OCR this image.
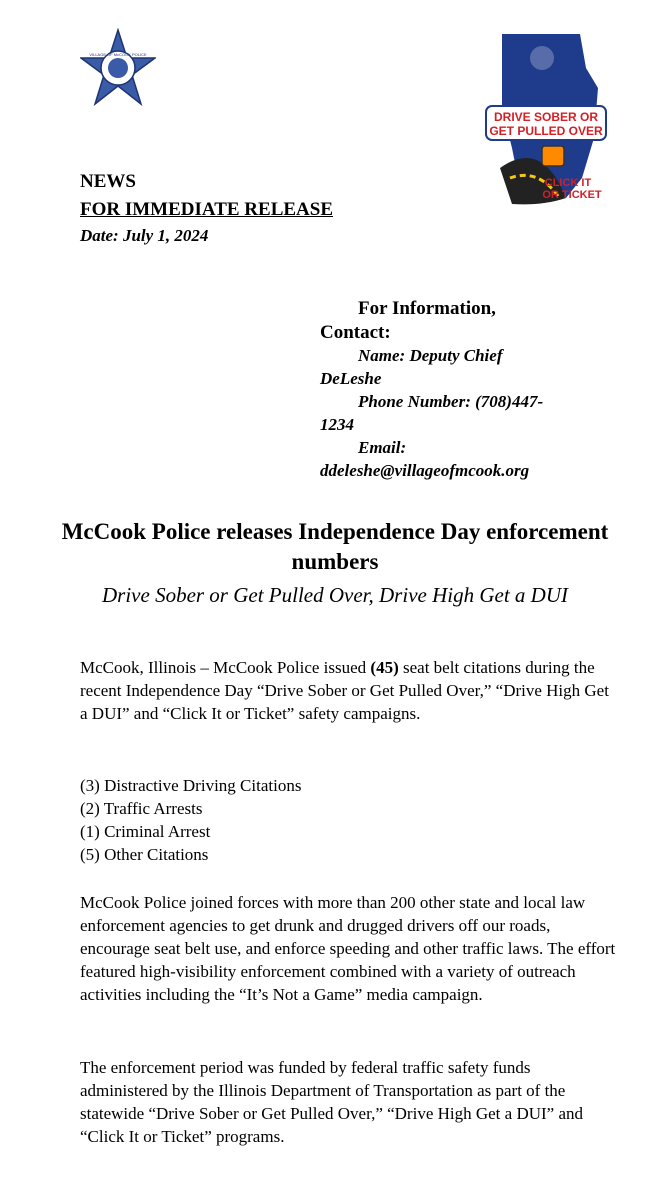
VILLAGE OF McCOOK POLICE
DRIVE SOBER OR
GET PULLED OVER
CLICK IT
OR TICKET

NEWS

FOR IMMEDIATE RELEASE

Date: July 1, 2024

For Information,
Contact:
Name: Deputy Chief
DeLeshe
Phone Number: (708)447-
1234
Email:
ddeleshe@villageofmcook.org
McCook Police releases Independence Day enforcement numbers
Drive Sober or Get Pulled Over, Drive High Get a DUI

McCook, Illinois – McCook Police issued (45) seat belt citations during the recent Independence Day “Drive Sober or Get Pulled Over,” “Drive High Get a DUI” and “Click It or Ticket” safety campaigns.

(3) Distractive Driving Citations

(2) Traffic Arrests

(1) Criminal Arrest

(5) Other Citations

McCook Police joined forces with more than 200 other state and local law enforcement agencies to get drunk and drugged drivers off our roads, encourage seat belt use, and enforce speeding and other traffic laws. The effort featured high-visibility enforcement combined with a variety of outreach activities including the “It’s Not a Game” media campaign.

The enforcement period was funded by federal traffic safety funds administered by the Illinois Department of Transportation as part of the statewide “Drive Sober or Get Pulled Over,” “Drive High Get a DUI” and “Click It or Ticket” programs.
